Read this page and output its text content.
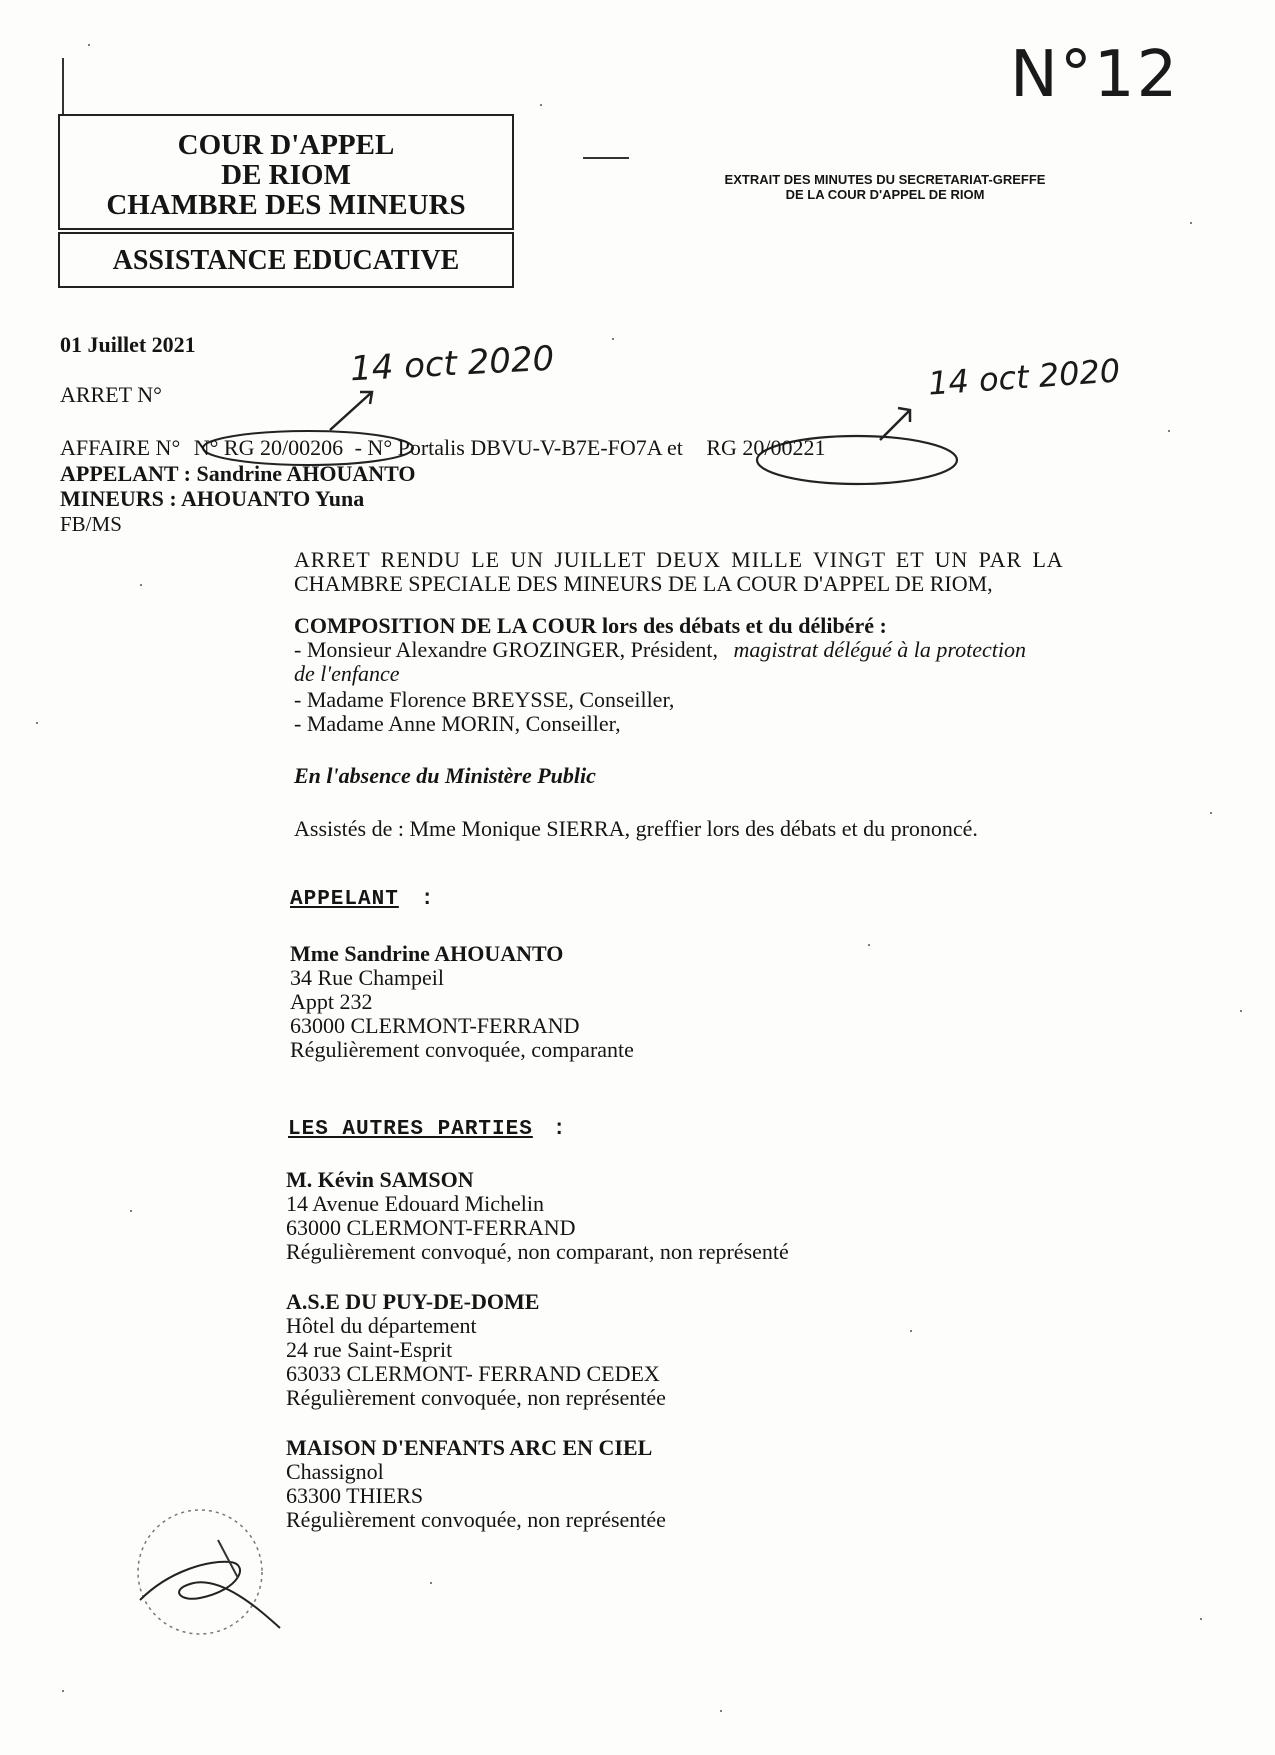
COUR D'APPEL
DE RIOM
CHAMBRE DES MINEURS
ASSISTANCE EDUCATIVE
EXTRAIT DES MINUTES DU SECRETARIAT-GREFFE
DE LA COUR D'APPEL DE RIOM
N°12
01 Juillet 2021
ARRET N°
14 oct 2020	14 oct 2020
AFFAIRE N° N° RG 20/00206 - N° Portalis DBVU-V-B7E-FO7A et RG 20/00221
APPELANT : Sandrine AHOUANTO
MINEURS : AHOUANTO Yuna
FB/MS
ARRET RENDU LE UN JUILLET DEUX MILLE VINGT ET UN PAR LA
CHAMBRE SPECIALE DES MINEURS DE LA COUR D'APPEL DE RIOM,
COMPOSITION DE LA COUR lors des débats et du délibéré :
- Monsieur Alexandre GROZINGER, Président, magistrat délégué à la protection
de l'enfance
- Madame Florence BREYSSE, Conseiller,
- Madame Anne MORIN, Conseiller,
En l'absence du Ministère Public
Assistés de : Mme Monique SIERRA, greffier lors des débats et du prononcé.
APPELANT :
Mme Sandrine AHOUANTO
34 Rue Champeil
Appt 232
63000 CLERMONT-FERRAND
Régulièrement convoquée, comparante
LES AUTRES PARTIES :
M. Kévin SAMSON
14 Avenue Edouard Michelin
63000 CLERMONT-FERRAND
Régulièrement convoqué, non comparant, non représenté
A.S.E DU PUY-DE-DOME
Hôtel du département
24 rue Saint-Esprit
63033 CLERMONT- FERRAND CEDEX
Régulièrement convoquée, non représentée
MAISON D'ENFANTS ARC EN CIEL
Chassignol
63300 THIERS
Régulièrement convoquée, non représentée
